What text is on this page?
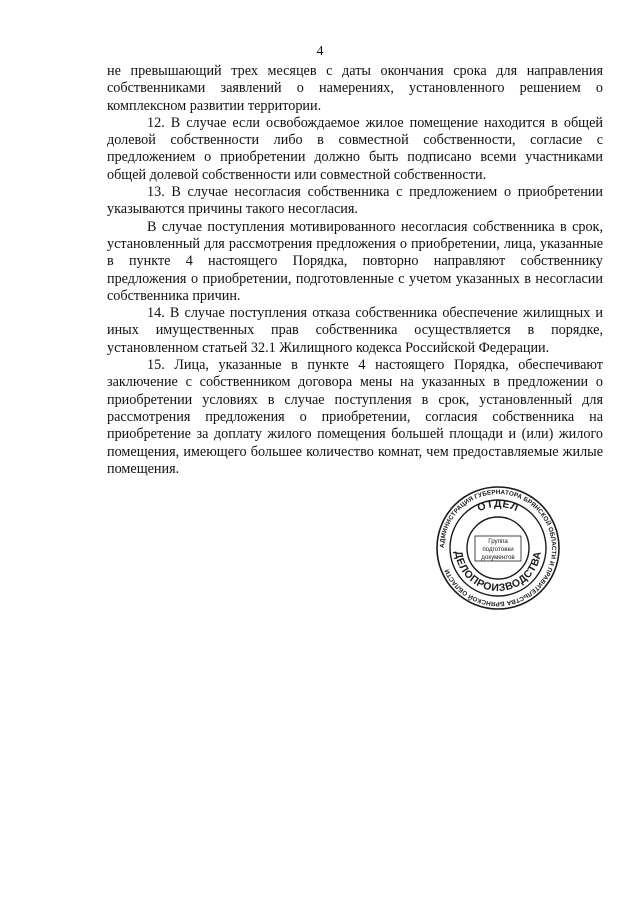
4

не превышающий трех месяцев с даты окончания срока для направления собственниками заявлений о намерениях, установленного решением о комплексном развитии территории.

12. В случае если освобождаемое жилое помещение находится в общей долевой собственности либо в совместной собственности, согласие с предложением о приобретении должно быть подписано всеми участниками общей долевой собственности или совместной собственности.

13. В случае несогласия собственника с предложением о приобретении указываются причины такого несогласия.

В случае поступления мотивированного несогласия собственника в срок, установленный для рассмотрения предложения о приобретении, лица, указанные в пункте 4 настоящего Порядка, повторно направляют собственнику предложения о приобретении, подготовленные с учетом указанных в несогласии собственника причин.

14. В случае поступления отказа собственника обеспечение жилищных и иных имущественных прав собственника осуществляется в порядке, установленном статьей 32.1 Жилищного кодекса Российской Федерации.

15. Лица, указанные в пункте 4 настоящего Порядка, обеспечивают заключение с собственником договора мены на указанных в предложении о приобретении условиях в случае поступления в срок, установленный для рассмотрения предложения о приобретении, согласия собственника на приобретение за доплату жилого помещения большей площади и (или) жилого помещения, имеющего большее количество комнат, чем предоставляемые жилые помещения.

АДМИНИСТРАЦИЯ ГУБЕРНАТОРА БРЯНСКОЙ ОБЛАСТИ И ПРАВИТЕЛЬСТВА БРЯНСКОЙ ОБЛАСТИ
ОТДЕЛ
ДЕЛОПРОИЗВОДСТВА
Группа
подготовки
документов
